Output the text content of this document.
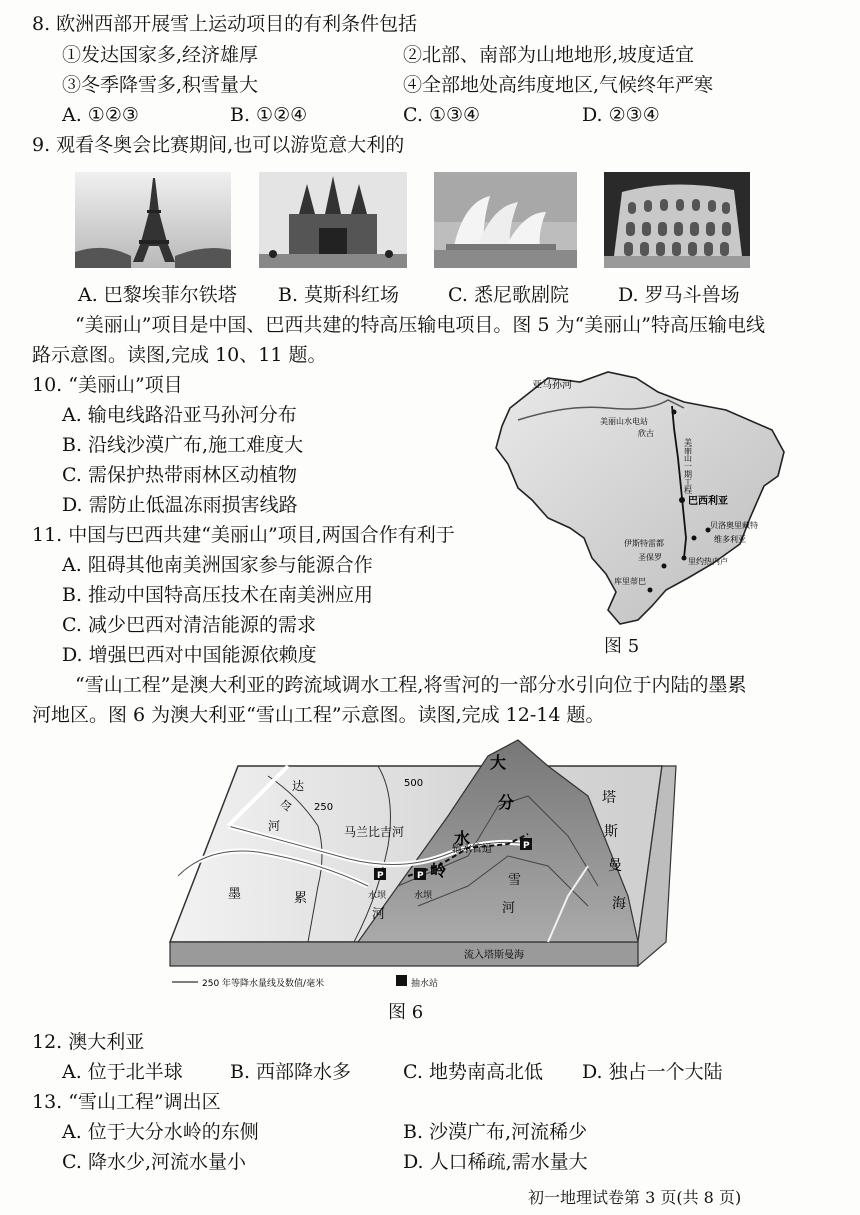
8. 欧洲西部开展雪上运动项目的有利条件包括
①发达国家多,经济雄厚	②北部、南部为山地地形,坡度适宜
③冬季降雪多,积雪量大	④全部地处高纬度地区,气候终年严寒
A. ①②③	B. ①②④	C. ①③④	D. ②③④
9. 观看冬奥会比赛期间,也可以游览意大利的
A. 巴黎埃菲尔铁塔 B. 莫斯科红场	C. 悉尼歌剧院	D. 罗马斗兽场
“美丽山”项目是中国、巴西共建的特高压输电项目。图 5 为“美丽山”特高压输电线
路示意图。读图,完成 10、11 题。
10. “美丽山”项目
A. 输电线路沿亚马孙河分布
B. 沿线沙漠广布,施工难度大
C. 需保护热带雨林区动植物
D. 需防止低温冻雨损害线路
11. 中国与巴西共建“美丽山”项目,两国合作有利于
A. 阻碍其他南美洲国家参与能源合作
B. 推动中国特高压技术在南美洲应用
C. 减少巴西对清洁能源的需求
D. 增强巴西对中国能源依赖度
亚马孙河
美丽山水电站
欣古
美丽山一期工程
巴西利亚
贝洛奥里藏特
维多利亚
伊斯特雷都
圣保罗	里约热内卢
库里蒂巴
图 5
“雪山工程”是澳大利亚的跨流域调水工程,将雪河的一部分水引向位于内陆的墨累
河地区。图 6 为澳大利亚“雪山工程”示意图。读图,完成 12-14 题。
P	P
P
250
500
达
令
河	马兰比吉河
墨	累
河
大
分
水
岭
输水管道
水坝	水坝
雪
河
塔
斯
曼
海
流入塔斯曼海
250 年等降水量线及数值/毫米	抽水站
图 6
12. 澳大利亚
A. 位于北半球 B. 西部降水多	C. 地势南高北低 D. 独占一个大陆
13. “雪山工程”调出区
A. 位于大分水岭的东侧	B. 沙漠广布,河流稀少
C. 降水少,河流水量小	D. 人口稀疏,需水量大
初一地理试卷第 3 页(共 8 页)
